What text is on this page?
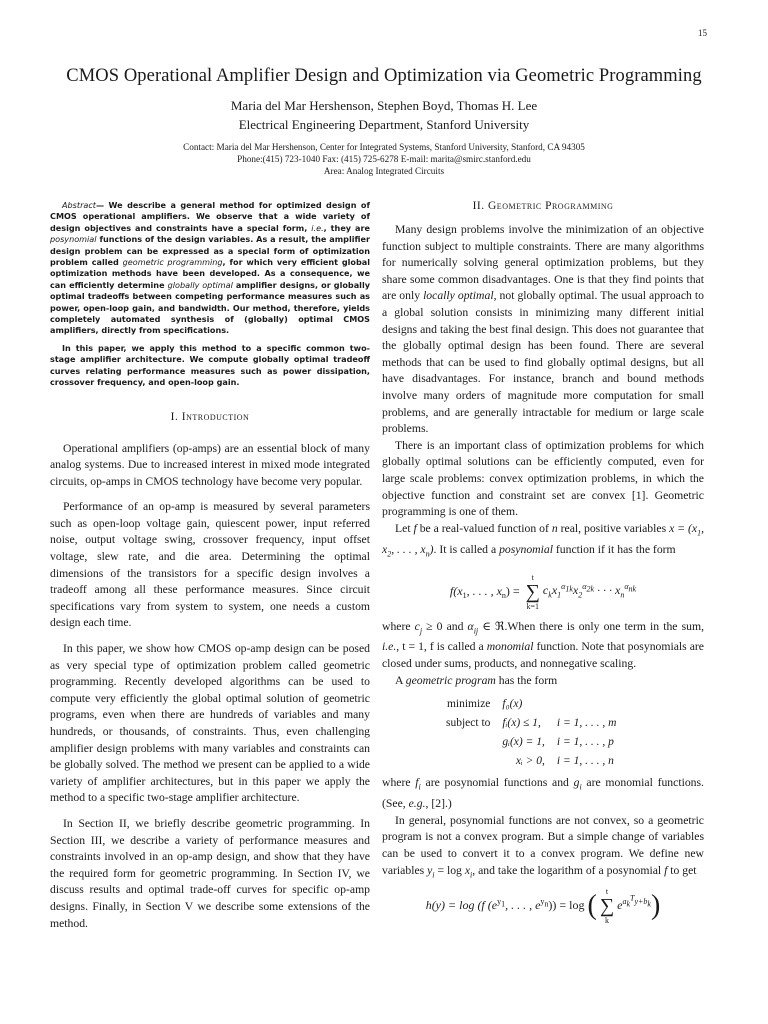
15
CMOS Operational Amplifier Design and Optimization via Geometric Programming
Maria del Mar Hershenson, Stephen Boyd, Thomas H. Lee
Electrical Engineering Department, Stanford University
Contact: Maria del Mar Hershenson, Center for Integrated Systems, Stanford University, Stanford, CA 94305
Phone:(415) 723-1040 Fax: (415) 725-6278 E-mail: marita@smirc.stanford.edu
Area: Analog Integrated Circuits

Abstract— We describe a general method for optimized design of CMOS operational amplifiers. We observe that a wide variety of design objectives and constraints have a special form, i.e., they are posynomial functions of the design variables. As a result, the amplifier design problem can be expressed as a special form of optimization problem called geometric programming, for which very efficient global optimization methods have been developed. As a consequence, we can efficiently determine globally optimal amplifier designs, or globally optimal tradeoffs between competing performance measures such as power, open-loop gain, and bandwidth. Our method, therefore, yields completely automated synthesis of (globally) optimal CMOS amplifiers, directly from specifications.

In this paper, we apply this method to a specific common two-stage amplifier architecture. We compute globally optimal tradeoff curves relating performance measures such as power dissipation, crossover frequency, and open-loop gain.

I. Introduction

Operational amplifiers (op-amps) are an essential block of many analog systems. Due to increased interest in mixed mode integrated circuits, op-amps in CMOS technology have become very popular.

Performance of an op-amp is measured by several parameters such as open-loop voltage gain, quiescent power, input referred noise, output voltage swing, crossover frequency, input offset voltage, slew rate, and die area. Determining the optimal dimensions of the transistors for a specific design involves a tradeoff among all these performance measures. Since circuit specifications vary from system to system, one needs a custom design each time.

In this paper, we show how CMOS op-amp design can be posed as very special type of optimization problem called geometric programming. Recently developed algorithms can be used to compute very efficiently the global optimal solution of geometric programs, even when there are hundreds of variables and many hundreds, or thousands, of constraints. Thus, even challenging amplifier design problems with many variables and constraints can be globally solved. The method we present can be applied to a wide variety of amplifier architectures, but in this paper we apply the method to a specific two-stage amplifier architecture.

In Section II, we briefly describe geometric programming. In Section III, we describe a variety of performance measures and constraints involved in an op-amp design, and show that they have the required form for geometric programming. In Section IV, we discuss results and optimal trade-off curves for specific op-amp designs. Finally, in Section V we describe some extensions of the method.

II. Geometric Programming

Many design problems involve the minimization of an objective function subject to multiple constraints. There are many algorithms for numerically solving general optimization problems, but they share some common disadvantages. One is that they find points that are only locally optimal, not globally optimal. The usual approach to a global solution consists in minimizing many different initial designs and taking the best final design. This does not guarantee that the globally optimal design has been found. There are several methods that can be used to find globally optimal designs, but all have disadvantages. For instance, branch and bound methods involve many orders of magnitude more computation for small problems, and are generally intractable for medium or large scale problems.

There is an important class of optimization problems for which globally optimal solutions can be efficiently computed, even for large scale problems: convex optimization problems, in which the objective function and constraint set are convex [1]. Geometric programming is one of them.

Let f be a real-valued function of n real, positive variables $x = (x_1$, $x_2$, . . . , $x_n$). It is called a posynomial function if it has the form

$f(x_1$, . . . , $x_n$) =
t
∑
k=1
$c_kx_1^{\alpha_{1k}}x_2^{\alpha_{2k}}$ · · · $x_n^{\alpha_{nk}}$

where $c_j \ge 0$ and $\alpha_{ij}$ ∈ ℜ.When there is only one term in the sum, i.e., t = 1, f is called a monomial function. Note that posynomials are closed under sums, products, and nonnegative scaling.

A geometric program has the form

minimize	f₀(x)	
subject to	fᵢ(x) ≤ 1,	i = 1, . . . , m
	gᵢ(x) = 1,	i = 1, . . . , p
	xᵢ > 0,	i = 1, . . . , n

where $f_i$ are posynomial functions and $g_i$ are monomial functions. (See, e.g., [2].)

In general, posynomial functions are not convex, so a geometric program is not a convex program. But a simple change of variables can be used to convert it to a convex program. We define new variables $y_i = \log x_i$, and take the logarithm of a posynomial f to get

h(y) = log (f ($e^{y_1}$, . . . , $e^{y_n})) = \log$ (	t
∑
k
$e^{a_k^Ty+b_k}$)
